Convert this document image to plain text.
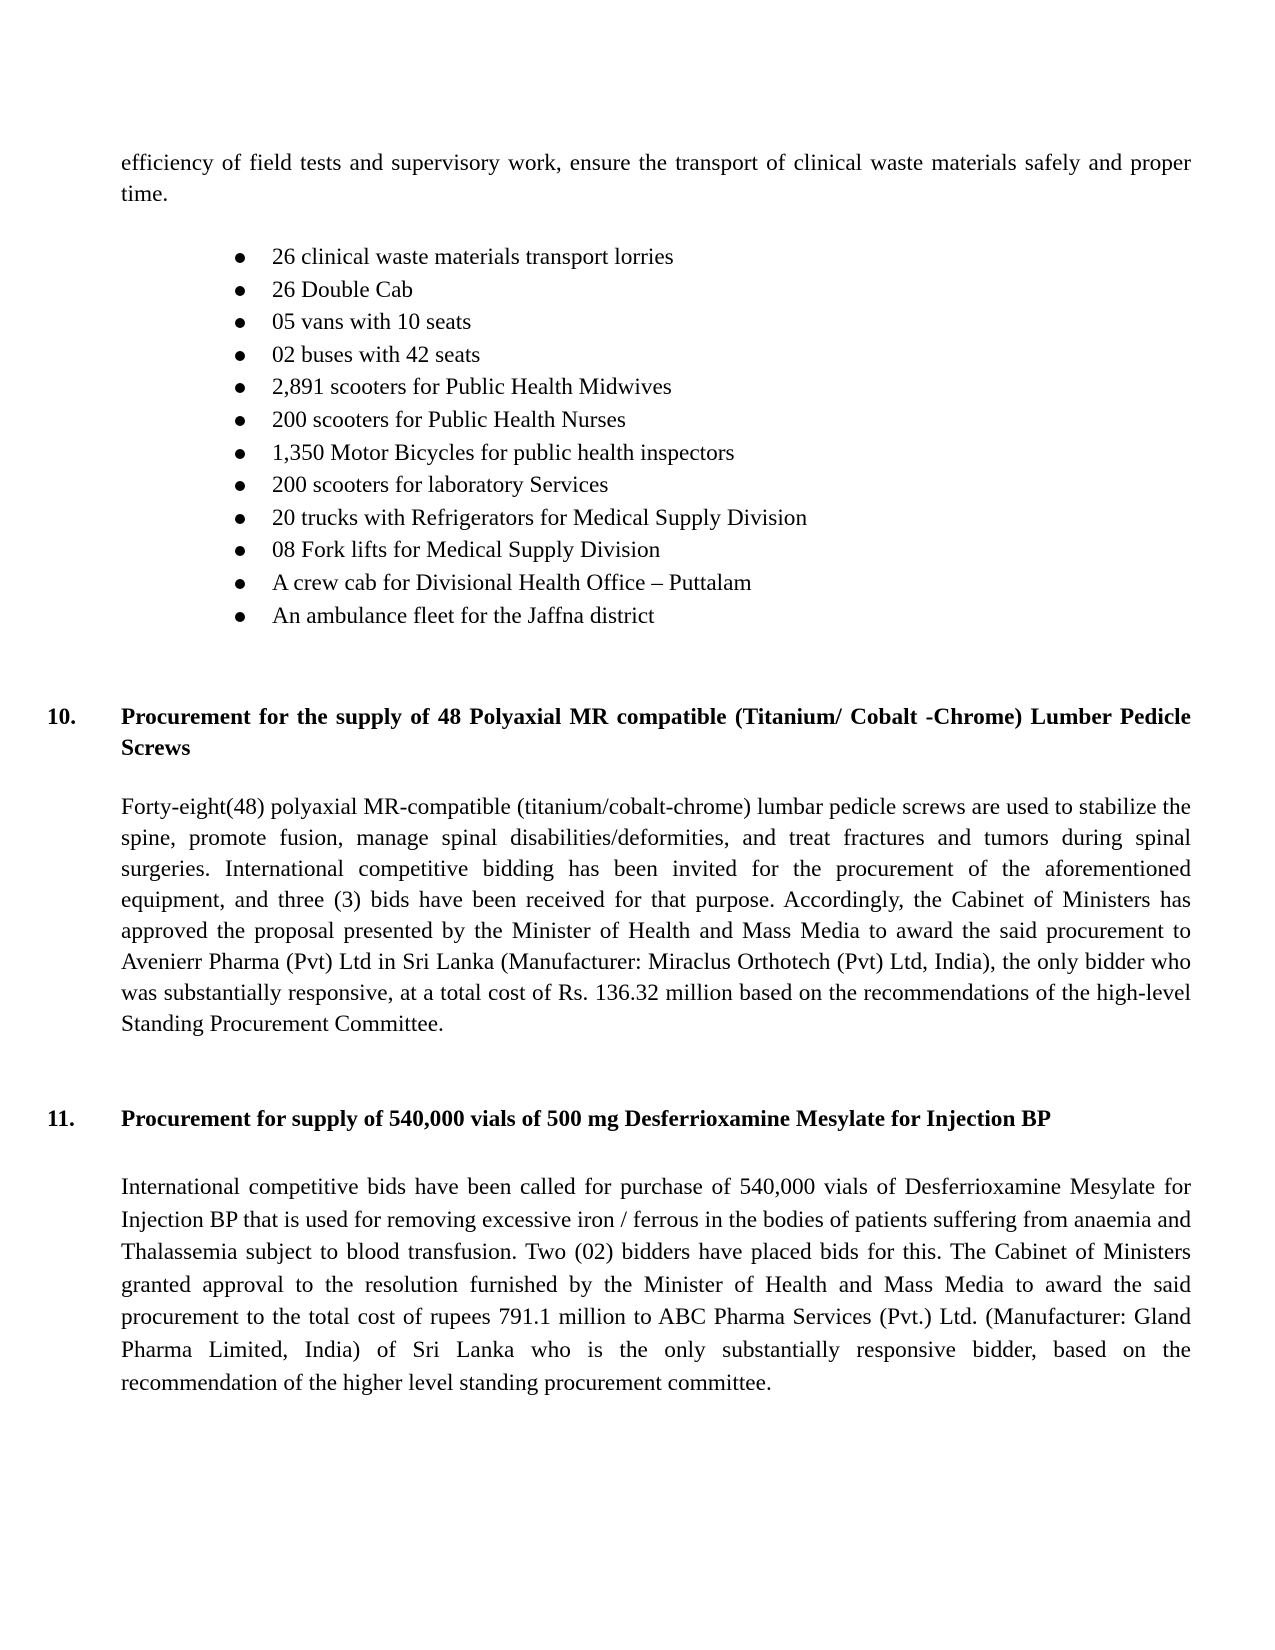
efficiency of field tests and supervisory work, ensure the transport of clinical waste materials safely and proper time.

26 clinical waste materials transport lorries
26 Double Cab
05 vans with 10 seats
02 buses with 42 seats
2,891 scooters for Public Health Midwives
200 scooters for Public Health Nurses
1,350 Motor Bicycles for public health inspectors
200 scooters for laboratory Services
20 trucks with Refrigerators for Medical Supply Division
08 Fork lifts for Medical Supply Division
A crew cab for Divisional Health Office – Puttalam
An ambulance fleet for the Jaffna district
10. Procurement for the supply of 48 Polyaxial MR compatible (Titanium/ Cobalt -Chrome) Lumber Pedicle Screws

Forty-eight(48) polyaxial MR-compatible (titanium/cobalt-chrome) lumbar pedicle screws are used to stabilize the spine, promote fusion, manage spinal disabilities/deformities, and treat fractures and tumors during spinal surgeries. International competitive bidding has been invited for the procurement of the aforementioned equipment, and three (3) bids have been received for that purpose. Accordingly, the Cabinet of Ministers has approved the proposal presented by the Minister of Health and Mass Media to award the said procurement to Avenierr Pharma (Pvt) Ltd in Sri Lanka (Manufacturer: Miraclus Orthotech (Pvt) Ltd, India), the only bidder who was substantially responsive, at a total cost of Rs. 136.32 million based on the recommendations of the high-level Standing Procurement Committee.

11. Procurement for supply of 540,000 vials of 500 mg Desferrioxamine Mesylate for Injection BP

International competitive bids have been called for purchase of 540,000 vials of Desferrioxamine Mesylate for Injection BP that is used for removing excessive iron / ferrous in the bodies of patients suffering from anaemia and Thalassemia subject to blood transfusion. Two (02) bidders have placed bids for this. The Cabinet of Ministers granted approval to the resolution furnished by the Minister of Health and Mass Media to award the said procurement to the total cost of rupees 791.1 million to ABC Pharma Services (Pvt.) Ltd. (Manufacturer: Gland Pharma Limited, India) of Sri Lanka who is the only substantially responsive bidder, based on the recommendation of the higher level standing procurement committee.
